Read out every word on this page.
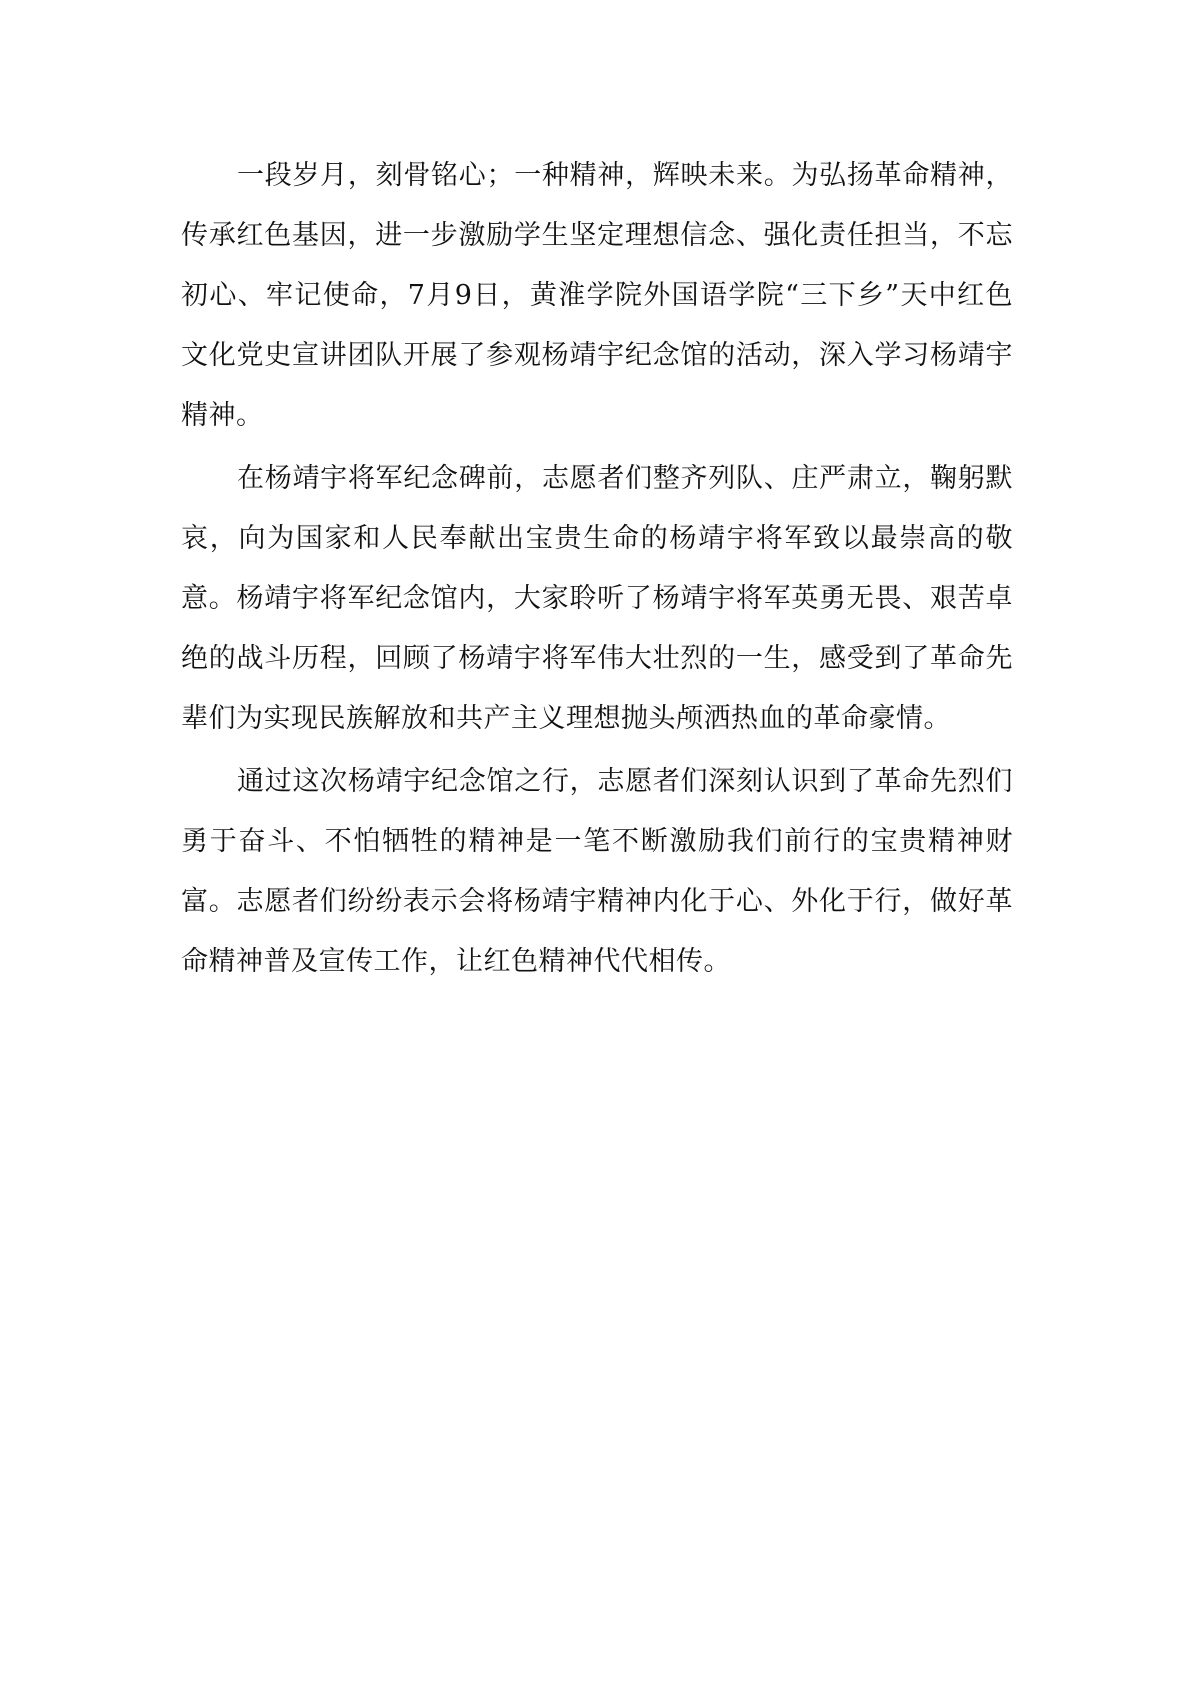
一段岁月，刻骨铭心；一种精神，辉映未来。为弘扬革命精神，传承红色基因，进一步激励学生坚定理想信念、强化责任担当，不忘初心、牢记使命，7月9日，黄淮学院外国语学院“三下乡”天中红色文化党史宣讲团队开展了参观杨靖宇纪念馆的活动，深入学习杨靖宇精神。

在杨靖宇将军纪念碑前，志愿者们整齐列队、庄严肃立，鞠躬默哀，向为国家和人民奉献出宝贵生命的杨靖宇将军致以最崇高的敬意。杨靖宇将军纪念馆内，大家聆听了杨靖宇将军英勇无畏、艰苦卓绝的战斗历程，回顾了杨靖宇将军伟大壮烈的一生，感受到了革命先辈们为实现民族解放和共产主义理想抛头颅洒热血的革命豪情。

通过这次杨靖宇纪念馆之行，志愿者们深刻认识到了革命先烈们勇于奋斗、不怕牺牲的精神是一笔不断激励我们前行的宝贵精神财富。志愿者们纷纷表示会将杨靖宇精神内化于心、外化于行，做好革命精神普及宣传工作，让红色精神代代相传。
